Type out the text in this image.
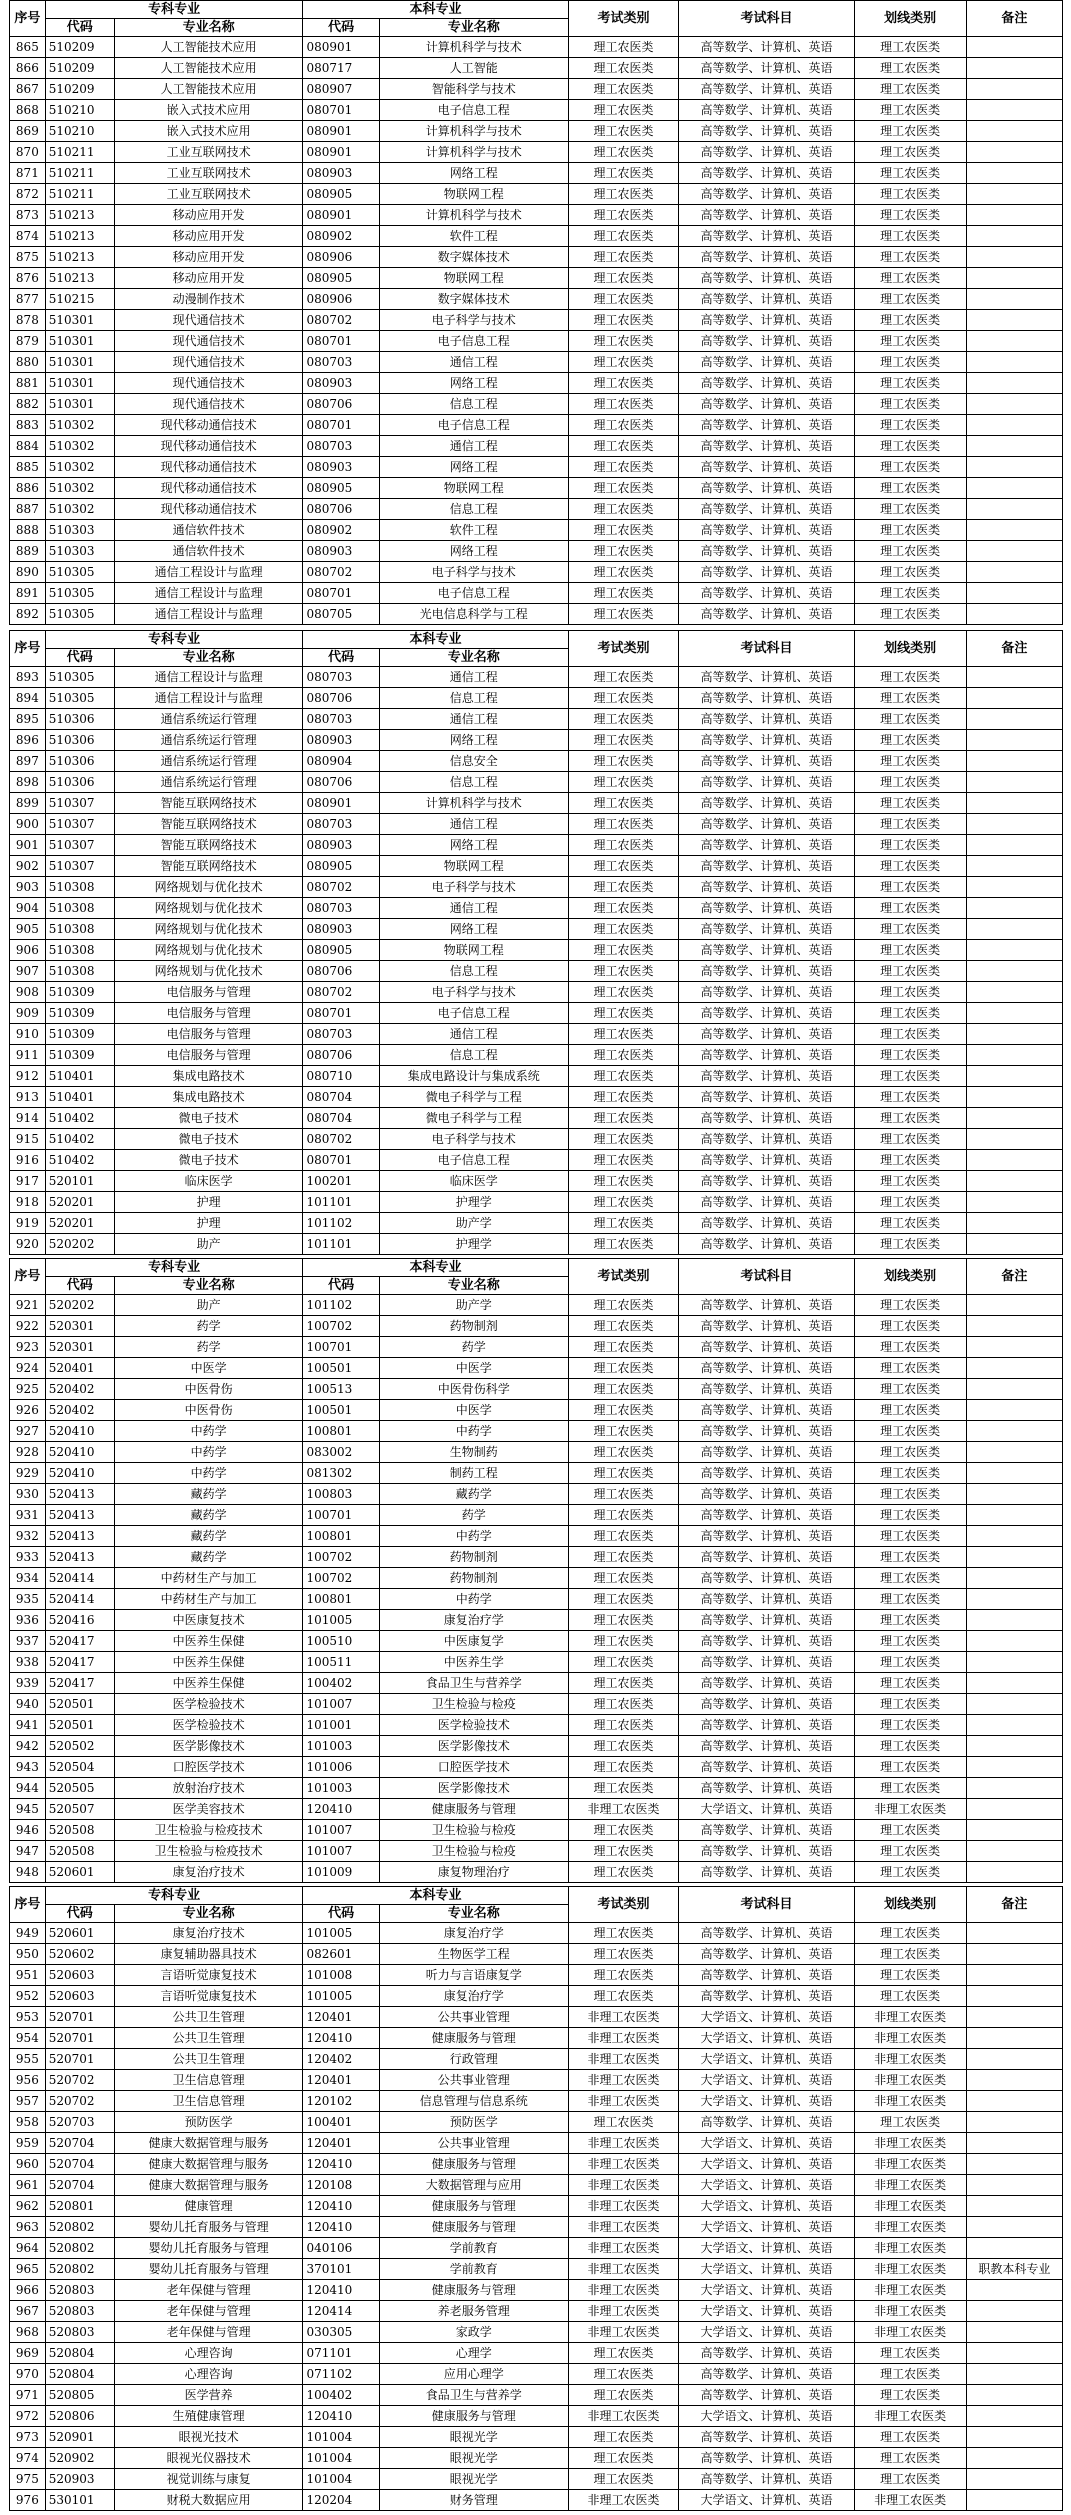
序号	专科专业		本科专业		考试类别	考试科目	划线类别	备注
	代码	专业名称	代码	专业名称				
865	510209	人工智能技术应用	080901	计算机科学与技术	理工农医类	高等数学、计算机、英语	理工农医类	
866	510209	人工智能技术应用	080717	人工智能	理工农医类	高等数学、计算机、英语	理工农医类	
867	510209	人工智能技术应用	080907	智能科学与技术	理工农医类	高等数学、计算机、英语	理工农医类	
868	510210	嵌入式技术应用	080701	电子信息工程	理工农医类	高等数学、计算机、英语	理工农医类	
869	510210	嵌入式技术应用	080901	计算机科学与技术	理工农医类	高等数学、计算机、英语	理工农医类	
870	510211	工业互联网技术	080901	计算机科学与技术	理工农医类	高等数学、计算机、英语	理工农医类	
871	510211	工业互联网技术	080903	网络工程	理工农医类	高等数学、计算机、英语	理工农医类	
872	510211	工业互联网技术	080905	物联网工程	理工农医类	高等数学、计算机、英语	理工农医类	
873	510213	移动应用开发	080901	计算机科学与技术	理工农医类	高等数学、计算机、英语	理工农医类	
874	510213	移动应用开发	080902	软件工程	理工农医类	高等数学、计算机、英语	理工农医类	
875	510213	移动应用开发	080906	数字媒体技术	理工农医类	高等数学、计算机、英语	理工农医类	
876	510213	移动应用开发	080905	物联网工程	理工农医类	高等数学、计算机、英语	理工农医类	
877	510215	动漫制作技术	080906	数字媒体技术	理工农医类	高等数学、计算机、英语	理工农医类	
878	510301	现代通信技术	080702	电子科学与技术	理工农医类	高等数学、计算机、英语	理工农医类	
879	510301	现代通信技术	080701	电子信息工程	理工农医类	高等数学、计算机、英语	理工农医类	
880	510301	现代通信技术	080703	通信工程	理工农医类	高等数学、计算机、英语	理工农医类	
881	510301	现代通信技术	080903	网络工程	理工农医类	高等数学、计算机、英语	理工农医类	
882	510301	现代通信技术	080706	信息工程	理工农医类	高等数学、计算机、英语	理工农医类	
883	510302	现代移动通信技术	080701	电子信息工程	理工农医类	高等数学、计算机、英语	理工农医类	
884	510302	现代移动通信技术	080703	通信工程	理工农医类	高等数学、计算机、英语	理工农医类	
885	510302	现代移动通信技术	080903	网络工程	理工农医类	高等数学、计算机、英语	理工农医类	
886	510302	现代移动通信技术	080905	物联网工程	理工农医类	高等数学、计算机、英语	理工农医类	
887	510302	现代移动通信技术	080706	信息工程	理工农医类	高等数学、计算机、英语	理工农医类	
888	510303	通信软件技术	080902	软件工程	理工农医类	高等数学、计算机、英语	理工农医类	
889	510303	通信软件技术	080903	网络工程	理工农医类	高等数学、计算机、英语	理工农医类	
890	510305	通信工程设计与监理	080702	电子科学与技术	理工农医类	高等数学、计算机、英语	理工农医类	
891	510305	通信工程设计与监理	080701	电子信息工程	理工农医类	高等数学、计算机、英语	理工农医类	
892	510305	通信工程设计与监理	080705	光电信息科学与工程	理工农医类	高等数学、计算机、英语	理工农医类	
序号	专科专业		本科专业		考试类别	考试科目	划线类别	备注
	代码	专业名称	代码	专业名称				
893	510305	通信工程设计与监理	080703	通信工程	理工农医类	高等数学、计算机、英语	理工农医类	
894	510305	通信工程设计与监理	080706	信息工程	理工农医类	高等数学、计算机、英语	理工农医类	
895	510306	通信系统运行管理	080703	通信工程	理工农医类	高等数学、计算机、英语	理工农医类	
896	510306	通信系统运行管理	080903	网络工程	理工农医类	高等数学、计算机、英语	理工农医类	
897	510306	通信系统运行管理	080904	信息安全	理工农医类	高等数学、计算机、英语	理工农医类	
898	510306	通信系统运行管理	080706	信息工程	理工农医类	高等数学、计算机、英语	理工农医类	
899	510307	智能互联网络技术	080901	计算机科学与技术	理工农医类	高等数学、计算机、英语	理工农医类	
900	510307	智能互联网络技术	080703	通信工程	理工农医类	高等数学、计算机、英语	理工农医类	
901	510307	智能互联网络技术	080903	网络工程	理工农医类	高等数学、计算机、英语	理工农医类	
902	510307	智能互联网络技术	080905	物联网工程	理工农医类	高等数学、计算机、英语	理工农医类	
903	510308	网络规划与优化技术	080702	电子科学与技术	理工农医类	高等数学、计算机、英语	理工农医类	
904	510308	网络规划与优化技术	080703	通信工程	理工农医类	高等数学、计算机、英语	理工农医类	
905	510308	网络规划与优化技术	080903	网络工程	理工农医类	高等数学、计算机、英语	理工农医类	
906	510308	网络规划与优化技术	080905	物联网工程	理工农医类	高等数学、计算机、英语	理工农医类	
907	510308	网络规划与优化技术	080706	信息工程	理工农医类	高等数学、计算机、英语	理工农医类	
908	510309	电信服务与管理	080702	电子科学与技术	理工农医类	高等数学、计算机、英语	理工农医类	
909	510309	电信服务与管理	080701	电子信息工程	理工农医类	高等数学、计算机、英语	理工农医类	
910	510309	电信服务与管理	080703	通信工程	理工农医类	高等数学、计算机、英语	理工农医类	
911	510309	电信服务与管理	080706	信息工程	理工农医类	高等数学、计算机、英语	理工农医类	
912	510401	集成电路技术	080710	集成电路设计与集成系统	理工农医类	高等数学、计算机、英语	理工农医类	
913	510401	集成电路技术	080704	微电子科学与工程	理工农医类	高等数学、计算机、英语	理工农医类	
914	510402	微电子技术	080704	微电子科学与工程	理工农医类	高等数学、计算机、英语	理工农医类	
915	510402	微电子技术	080702	电子科学与技术	理工农医类	高等数学、计算机、英语	理工农医类	
916	510402	微电子技术	080701	电子信息工程	理工农医类	高等数学、计算机、英语	理工农医类	
917	520101	临床医学	100201	临床医学	理工农医类	高等数学、计算机、英语	理工农医类	
918	520201	护理	101101	护理学	理工农医类	高等数学、计算机、英语	理工农医类	
919	520201	护理	101102	助产学	理工农医类	高等数学、计算机、英语	理工农医类	
920	520202	助产	101101	护理学	理工农医类	高等数学、计算机、英语	理工农医类	
序号	专科专业		本科专业		考试类别	考试科目	划线类别	备注
	代码	专业名称	代码	专业名称				
921	520202	助产	101102	助产学	理工农医类	高等数学、计算机、英语	理工农医类	
922	520301	药学	100702	药物制剂	理工农医类	高等数学、计算机、英语	理工农医类	
923	520301	药学	100701	药学	理工农医类	高等数学、计算机、英语	理工农医类	
924	520401	中医学	100501	中医学	理工农医类	高等数学、计算机、英语	理工农医类	
925	520402	中医骨伤	100513	中医骨伤科学	理工农医类	高等数学、计算机、英语	理工农医类	
926	520402	中医骨伤	100501	中医学	理工农医类	高等数学、计算机、英语	理工农医类	
927	520410	中药学	100801	中药学	理工农医类	高等数学、计算机、英语	理工农医类	
928	520410	中药学	083002	生物制药	理工农医类	高等数学、计算机、英语	理工农医类	
929	520410	中药学	081302	制药工程	理工农医类	高等数学、计算机、英语	理工农医类	
930	520413	藏药学	100803	藏药学	理工农医类	高等数学、计算机、英语	理工农医类	
931	520413	藏药学	100701	药学	理工农医类	高等数学、计算机、英语	理工农医类	
932	520413	藏药学	100801	中药学	理工农医类	高等数学、计算机、英语	理工农医类	
933	520413	藏药学	100702	药物制剂	理工农医类	高等数学、计算机、英语	理工农医类	
934	520414	中药材生产与加工	100702	药物制剂	理工农医类	高等数学、计算机、英语	理工农医类	
935	520414	中药材生产与加工	100801	中药学	理工农医类	高等数学、计算机、英语	理工农医类	
936	520416	中医康复技术	101005	康复治疗学	理工农医类	高等数学、计算机、英语	理工农医类	
937	520417	中医养生保健	100510	中医康复学	理工农医类	高等数学、计算机、英语	理工农医类	
938	520417	中医养生保健	100511	中医养生学	理工农医类	高等数学、计算机、英语	理工农医类	
939	520417	中医养生保健	100402	食品卫生与营养学	理工农医类	高等数学、计算机、英语	理工农医类	
940	520501	医学检验技术	101007	卫生检验与检疫	理工农医类	高等数学、计算机、英语	理工农医类	
941	520501	医学检验技术	101001	医学检验技术	理工农医类	高等数学、计算机、英语	理工农医类	
942	520502	医学影像技术	101003	医学影像技术	理工农医类	高等数学、计算机、英语	理工农医类	
943	520504	口腔医学技术	101006	口腔医学技术	理工农医类	高等数学、计算机、英语	理工农医类	
944	520505	放射治疗技术	101003	医学影像技术	理工农医类	高等数学、计算机、英语	理工农医类	
945	520507	医学美容技术	120410	健康服务与管理	非理工农医类	大学语文、计算机、英语	非理工农医类	
946	520508	卫生检验与检疫技术	101007	卫生检验与检疫	理工农医类	高等数学、计算机、英语	理工农医类	
947	520508	卫生检验与检疫技术	101007	卫生检验与检疫	理工农医类	高等数学、计算机、英语	理工农医类	
948	520601	康复治疗技术	101009	康复物理治疗	理工农医类	高等数学、计算机、英语	理工农医类	
序号	专科专业		本科专业		考试类别	考试科目	划线类别	备注
	代码	专业名称	代码	专业名称				
949	520601	康复治疗技术	101005	康复治疗学	理工农医类	高等数学、计算机、英语	理工农医类	
950	520602	康复辅助器具技术	082601	生物医学工程	理工农医类	高等数学、计算机、英语	理工农医类	
951	520603	言语听觉康复技术	101008	听力与言语康复学	理工农医类	高等数学、计算机、英语	理工农医类	
952	520603	言语听觉康复技术	101005	康复治疗学	理工农医类	高等数学、计算机、英语	理工农医类	
953	520701	公共卫生管理	120401	公共事业管理	非理工农医类	大学语文、计算机、英语	非理工农医类	
954	520701	公共卫生管理	120410	健康服务与管理	非理工农医类	大学语文、计算机、英语	非理工农医类	
955	520701	公共卫生管理	120402	行政管理	非理工农医类	大学语文、计算机、英语	非理工农医类	
956	520702	卫生信息管理	120401	公共事业管理	非理工农医类	大学语文、计算机、英语	非理工农医类	
957	520702	卫生信息管理	120102	信息管理与信息系统	非理工农医类	大学语文、计算机、英语	非理工农医类	
958	520703	预防医学	100401	预防医学	理工农医类	高等数学、计算机、英语	理工农医类	
959	520704	健康大数据管理与服务	120401	公共事业管理	非理工农医类	大学语文、计算机、英语	非理工农医类	
960	520704	健康大数据管理与服务	120410	健康服务与管理	非理工农医类	大学语文、计算机、英语	非理工农医类	
961	520704	健康大数据管理与服务	120108	大数据管理与应用	非理工农医类	大学语文、计算机、英语	非理工农医类	
962	520801	健康管理	120410	健康服务与管理	非理工农医类	大学语文、计算机、英语	非理工农医类	
963	520802	婴幼儿托育服务与管理	120410	健康服务与管理	非理工农医类	大学语文、计算机、英语	非理工农医类	
964	520802	婴幼儿托育服务与管理	040106	学前教育	非理工农医类	大学语文、计算机、英语	非理工农医类	
965	520802	婴幼儿托育服务与管理	370101	学前教育	非理工农医类	大学语文、计算机、英语	非理工农医类	职教本科专业
966	520803	老年保健与管理	120410	健康服务与管理	非理工农医类	大学语文、计算机、英语	非理工农医类	
967	520803	老年保健与管理	120414	养老服务管理	非理工农医类	大学语文、计算机、英语	非理工农医类	
968	520803	老年保健与管理	030305	家政学	非理工农医类	大学语文、计算机、英语	非理工农医类	
969	520804	心理咨询	071101	心理学	理工农医类	高等数学、计算机、英语	理工农医类	
970	520804	心理咨询	071102	应用心理学	理工农医类	高等数学、计算机、英语	理工农医类	
971	520805	医学营养	100402	食品卫生与营养学	理工农医类	高等数学、计算机、英语	理工农医类	
972	520806	生殖健康管理	120410	健康服务与管理	非理工农医类	大学语文、计算机、英语	非理工农医类	
973	520901	眼视光技术	101004	眼视光学	理工农医类	高等数学、计算机、英语	理工农医类	
974	520902	眼视光仪器技术	101004	眼视光学	理工农医类	高等数学、计算机、英语	理工农医类	
975	520903	视觉训练与康复	101004	眼视光学	理工农医类	高等数学、计算机、英语	理工农医类	
976	530101	财税大数据应用	120204	财务管理	非理工农医类	大学语文、计算机、英语	非理工农医类	
